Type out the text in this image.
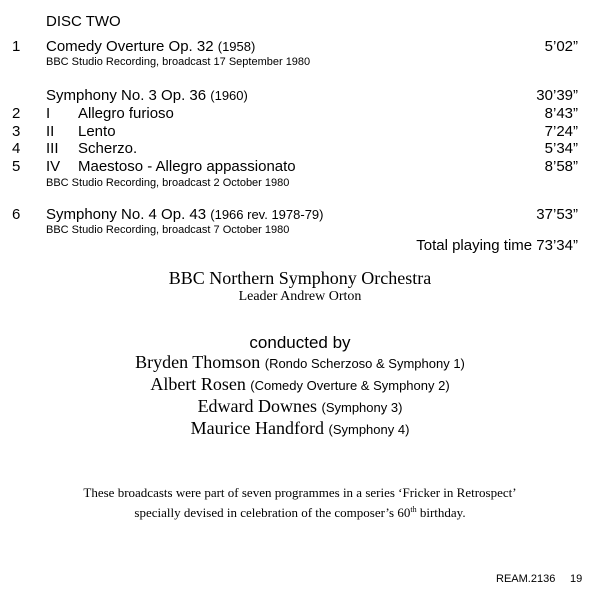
DISC TWO
1 Comedy Overture Op. 32 (1958)	5’02”
BBC Studio Recording, broadcast 17 September 1980
Symphony No. 3 Op. 36 (1960)	30’39”
2 I Allegro furioso	8’43”
3 II Lento	7’24”
4 III Scherzo.	5’34”
5 IV Maestoso - Allegro appassionato	8’58”
BBC Studio Recording, broadcast 2 October 1980
6 Symphony No. 4 Op. 43 (1966 rev. 1978-79)	37’53”
BBC Studio Recording, broadcast 7 October 1980
Total playing time 73’34”
BBC Northern Symphony Orchestra
Leader Andrew Orton
conducted by
Bryden Thomson (Rondo Scherzoso & Symphony 1)
Albert Rosen (Comedy Overture & Symphony 2)
Edward Downes (Symphony 3)
Maurice Handford (Symphony 4)
These broadcasts were part of seven programmes in a series ‘Fricker in Retrospect’
specially devised in celebration of the composer’s 60th birthday.
REAM.2136 19
